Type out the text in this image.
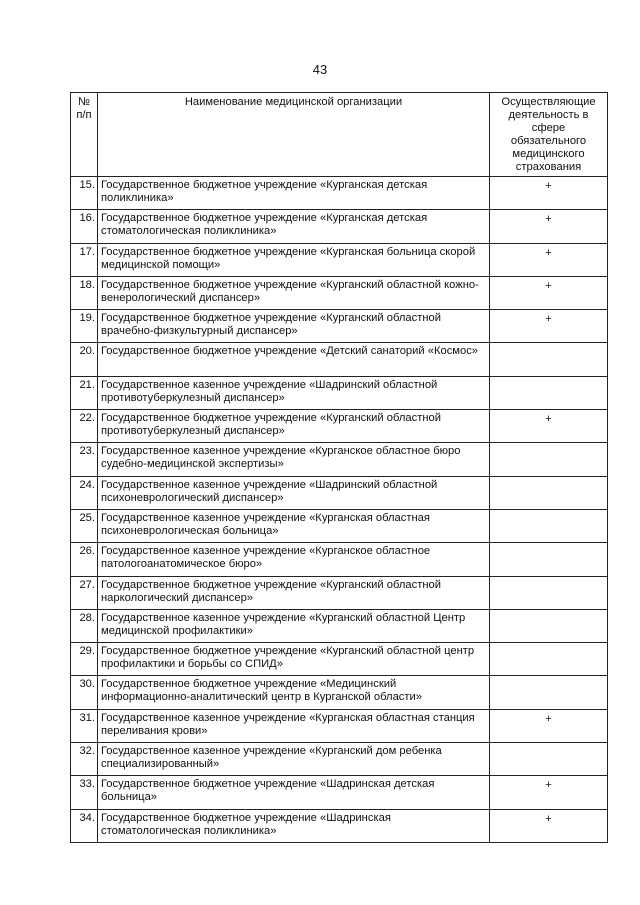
43
№ п/п	Наименование медицинской организации	Осуществляющие деятельность в сфере обязательного медицинского страхования
15.	Государственное бюджетное учреждение «Курганская детская поликлиника»	+
16.	Государственное бюджетное учреждение «Курганская детская стоматологическая поликлиника»	+
17.	Государственное бюджетное учреждение «Курганская больница скорой медицинской помощи»	+
18.	Государственное бюджетное учреждение «Курганский областной кожно-венерологический диспансер»	+
19.	Государственное бюджетное учреждение «Курганский областной врачебно-физкультурный диспансер»	+
20.	Государственное бюджетное учреждение «Детский санаторий «Космос»	
21.	Государственное казенное учреждение «Шадринский областной противотуберкулезный диспансер»	
22.	Государственное бюджетное учреждение «Курганский областной противотуберкулезный диспансер»	+
23.	Государственное казенное учреждение «Курганское областное бюро судебно-медицинской экспертизы»	
24.	Государственное казенное учреждение «Шадринский областной психоневрологический диспансер»	
25.	Государственное казенное учреждение «Курганская областная психоневрологическая больница»	
26.	Государственное казенное учреждение «Курганское областное патологоанатомическое бюро»	
27.	Государственное бюджетное учреждение «Курганский областной наркологический диспансер»	
28.	Государственное казенное учреждение «Курганский областной Центр медицинской профилактики»	
29.	Государственное бюджетное учреждение «Курганский областной центр профилактики и борьбы со СПИД»	
30.	Государственное бюджетное учреждение «Медицинский информационно-аналитический центр в Курганской области»	
31.	Государственное казенное учреждение «Курганская областная станция переливания крови»	+
32.	Государственное казенное учреждение «Курганский дом ребенка специализированный»	
33.	Государственное бюджетное учреждение «Шадринская детская больница»	+
34.	Государственное бюджетное учреждение «Шадринская стоматологическая поликлиника»	+
